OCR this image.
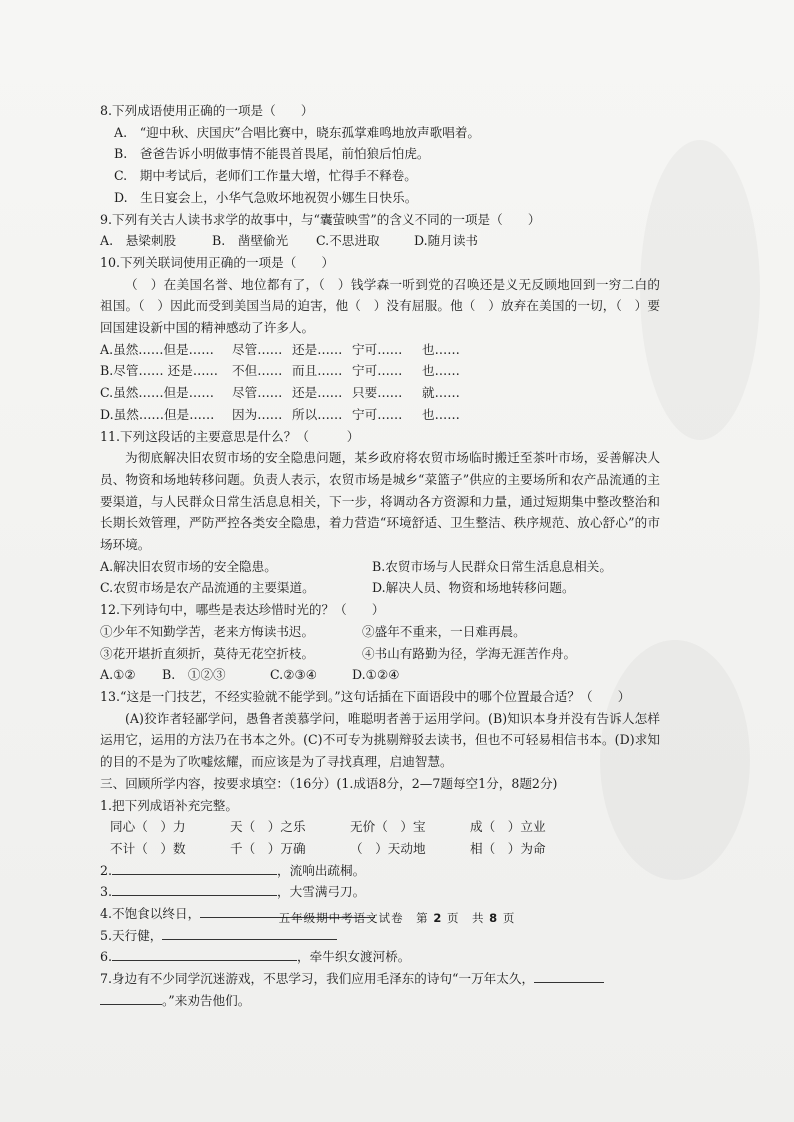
8.下列成语使用正确的一项是（　　）
A.　“迎中秋、庆国庆”合唱比赛中，晓东孤掌难鸣地放声歌唱着。
B.　爸爸告诉小明做事情不能畏首畏尾，前怕狼后怕虎。
C.　期中考试后，老师们工作量大增，忙得手不释卷。
D.　生日宴会上，小华气急败坏地祝贺小娜生日快乐。
9.下列有关古人读书求学的故事中，与“囊萤映雪”的含义不同的一项是（　　）
A.　悬梁刺股	B.　凿壁偷光	C.不思进取	D.随月读书
10.下列关联词使用正确的一项是（　　）
（　）在美国名誉、地位都有了，（　）钱学森一听到党的召唤还是义无反顾地回到一穷二白的祖国。（　）因此而受到美国当局的迫害，他（　）没有屈服。他（　）放弃在美国的一切，（　）要回国建设新中国的精神感动了许多人。
A.虽然……但是……	尽管…… 还是…… 宁可……	也……
B.尽管…… 还是……	不但…… 而且…… 宁可……	也……
C.虽然……但是……	尽管…… 还是…… 只要……	就……
D.虽然……但是……	因为…… 所以…… 宁可……	也……
11.下列这段话的主要意思是什么？（　　　）
为彻底解决旧农贸市场的安全隐患问题，某乡政府将农贸市场临时搬迁至茶叶市场，妥善解决人员、物资和场地转移问题。负责人表示，农贸市场是城乡“菜篮子”供应的主要场所和农产品流通的主要渠道，与人民群众日常生活息息相关，下一步，将调动各方资源和力量，通过短期集中整改整治和长期长效管理，严防严控各类安全隐患，着力营造“环境舒适、卫生整洁、秩序规范、放心舒心”的市场环境。
A.解决旧农贸市场的安全隐患。	B.农贸市场与人民群众日常生活息息相关。
C.农贸市场是农产品流通的主要渠道。	D.解决人员、物资和场地转移问题。
12.下列诗句中，哪些是表达珍惜时光的？（　　）
①少年不知勤学苦，老来方悔读书迟。	②盛年不重来，一日难再晨。
③花开堪折直须折，莫待无花空折枝。	④书山有路勤为径，学海无涯苦作舟。
A.①②	B.　①②③	C.②③④	D.①②④
13.“这是一门技艺，不经实验就不能学到。”这句话插在下面语段中的哪个位置最合适？（　　）
(A)狡诈者轻鄙学问，愚鲁者羡慕学问，唯聪明者善于运用学问。(B)知识本身并没有告诉人怎样运用它，运用的方法乃在书本之外。(C)不可专为挑剔辩驳去读书，但也不可轻易相信书本。(D)求知的目的不是为了吹嘘炫耀，而应该是为了寻找真理，启迪智慧。
三、回顾所学内容，按要求填空：（16分）(1.成语8分，2—7题每空1分，8题2分)
1.把下列成语补充完整。
同心（　）力	天（　）之乐	无价（　）宝	成（　）立业
不计（　）数	千（　）万确	（　）天动地	相（　）为命
2.	，流响出疏桐。
3.	，大雪满弓刀。
4.不饱食以终日，
5.天行健，
6.	，牵牛织女渡河桥。
7.身边有不少同学沉迷游戏，不思学习，我们应用毛泽东的诗句“一万年太久，
。”来劝告他们。
五年级期中考语文试卷　第 2 页　共 8 页
